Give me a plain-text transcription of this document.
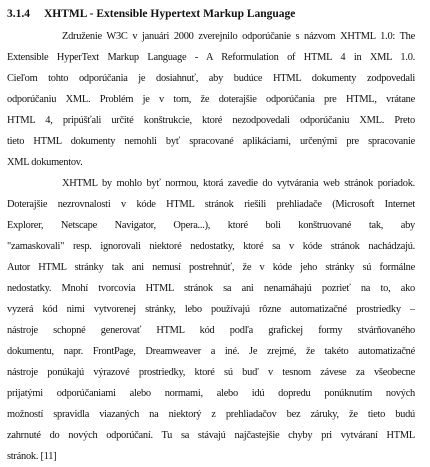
3.1.4 XHTML - Extensible Hypertext Markup Language
Združenie W3C v januári 2000 zverejnilo odporúčanie s názvom XHTML 1.0: The
Extensible HyperText Markup Language - A Reformulation of HTML 4 in XML 1.0.
Cieľom tohto odporúčania je dosiahnuť, aby budúce HTML dokumenty zodpovedali
odporúčaniu XML. Problém je v tom, že doterajšie odporúčania pre HTML, vrátane
HTML 4, pripúšťali určité konštrukcie, ktoré nezodpovedali odporúčaniu XML. Preto
tieto HTML dokumenty nemohli byť spracované aplikáciami, určenými pre spracovanie
XML dokumentov.
XHTML by mohlo byť normou, ktorá zavedie do vytvárania web stránok poriadok.
Doterajšie nezrovnalosti v kóde HTML stránok riešili prehliadače (Microsoft Internet
Explorer, Netscape Navigator, Opera...), ktoré boli konštruované tak, aby
"zamaskovali" resp. ignorovali niektoré nedostatky, ktoré sa v kóde stránok nachádzajú.
Autor HTML stránky tak ani nemusí postrehnúť, že v kóde jeho stránky sú formálne
nedostatky. Mnohí tvorcovia HTML stránok sa ani nenamáhajú pozrieť na to, ako
vyzerá kód nimi vytvorenej stránky, lebo používajú rôzne automatizačné prostriedky –
nástroje schopné generovať HTML kód podľa grafickej formy stvárňovaného
dokumentu, napr. FrontPage, Dreamweaver a iné. Je zrejmé, že takéto automatizačné
nástroje ponúkajú výrazové prostriedky, ktoré sú buď v tesnom závese za všeobecne
prijatými odporúčaniami alebo normami, alebo idú dopredu ponúknutím nových
možností spravidla viazaných na niektorý z prehliadačov bez záruky, že tieto budú
zahrnuté do nových odporúčaní. Tu sa stávajú najčastejšie chyby pri vytváraní HTML
stránok. [11]
